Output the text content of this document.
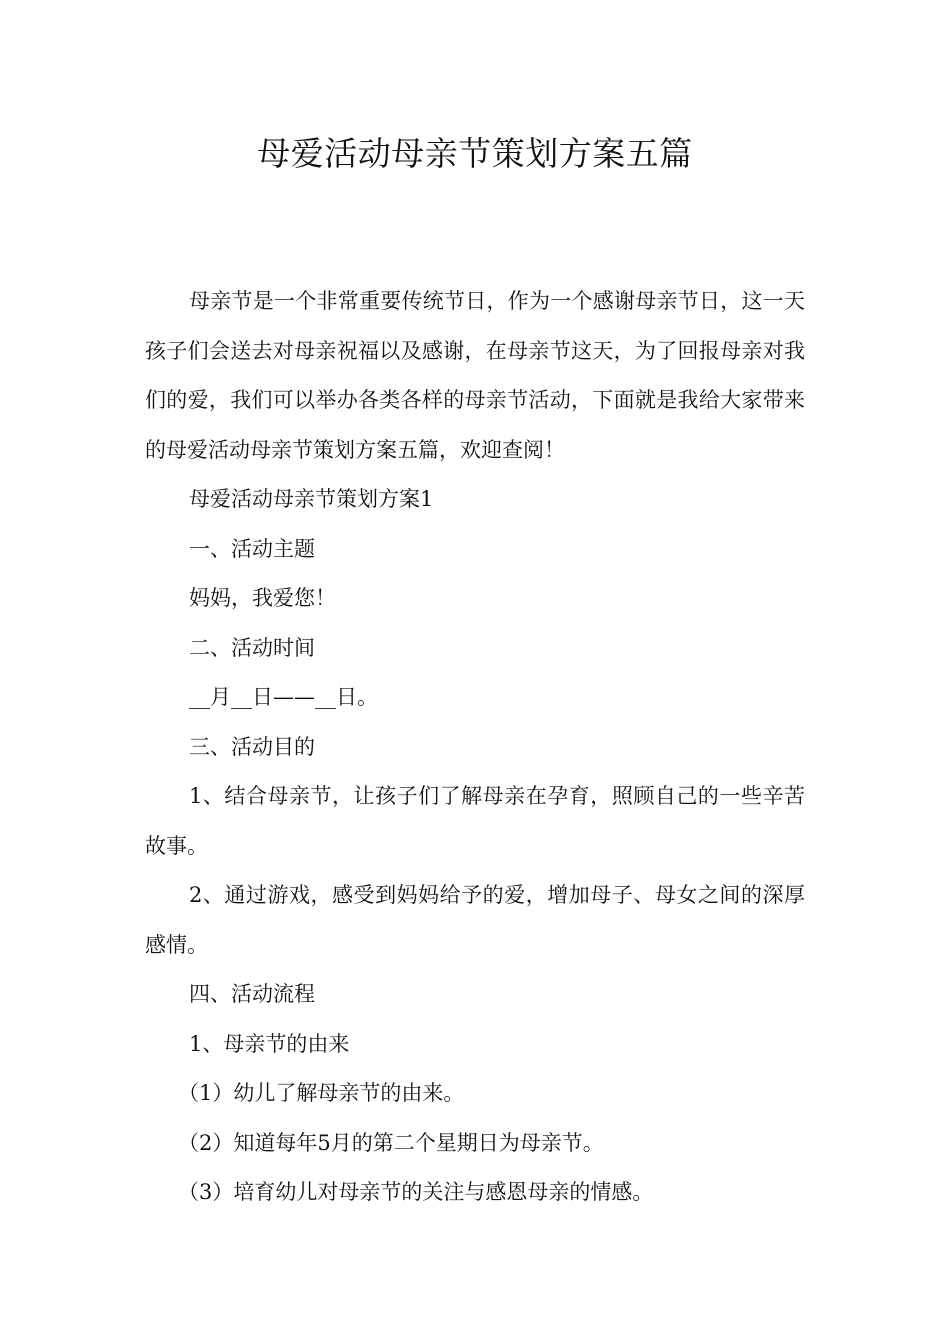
母爱活动母亲节策划方案五篇

母亲节是一个非常重要传统节日，作为一个感谢母亲节日，这一天孩子们会送去对母亲祝福以及感谢，在母亲节这天，为了回报母亲对我们的爱，我们可以举办各类各样的母亲节活动，下面就是我给大家带来的母爱活动母亲节策划方案五篇，欢迎查阅！

母爱活动母亲节策划方案1

一、活动主题

妈妈，我爱您！

二、活动时间

__月__日——__日。

三、活动目的

1、结合母亲节，让孩子们了解母亲在孕育，照顾自己的一些辛苦故事。

2、通过游戏，感受到妈妈给予的爱，增加母子、母女之间的深厚感情。

四、活动流程

1、母亲节的由来

（1）幼儿了解母亲节的由来。

（2）知道每年5月的第二个星期日为母亲节。

（3）培育幼儿对母亲节的关注与感恩母亲的情感。
